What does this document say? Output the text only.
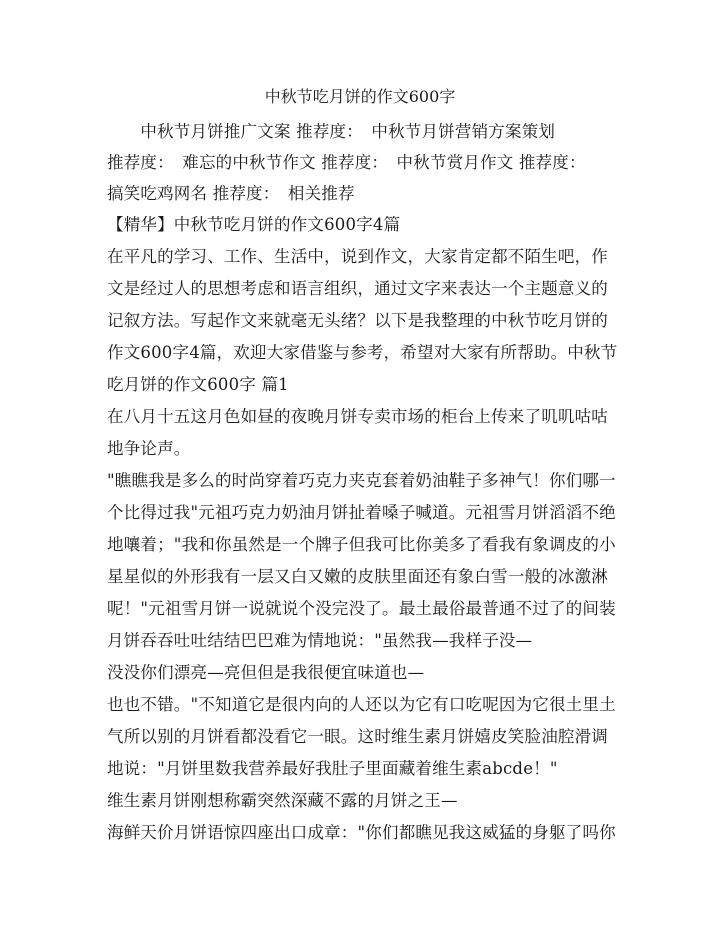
中秋节吃月饼的作文600字
　　中秋节月饼推广文案 推荐度：　中秋节月饼营销方案策划
推荐度：　难忘的中秋节作文 推荐度：　中秋节赏月作文 推荐度：
搞笑吃鸡网名 推荐度：　相关推荐
【精华】中秋节吃月饼的作文600字4篇
在平凡的学习、工作、生活中，说到作文，大家肯定都不陌生吧，作
文是经过人的思想考虑和语言组织，通过文字来表达一个主题意义的
记叙方法。写起作文来就毫无头绪？以下是我整理的中秋节吃月饼的
作文600字4篇，欢迎大家借鉴与参考，希望对大家有所帮助。中秋节
吃月饼的作文600字 篇1
在八月十五这月色如昼的夜晚月饼专卖市场的柜台上传来了叽叽咕咕
地争论声。
"瞧瞧我是多么的时尚穿着巧克力夹克套着奶油鞋子多神气！你们哪一
个比得过我"元祖巧克力奶油月饼扯着嗓子喊道。元祖雪月饼滔滔不绝
地嚷着；"我和你虽然是一个牌子但我可比你美多了看我有象调皮的小
星星似的外形我有一层又白又嫩的皮肤里面还有象白雪一般的冰激淋
呢！"元祖雪月饼一说就说个没完没了。最土最俗最普通不过了的间装
月饼吞吞吐吐结结巴巴难为情地说："虽然我—我样子没—
没没你们漂亮—亮但但是我很便宜味道也—
也也不错。"不知道它是很内向的人还以为它有口吃呢因为它很土里土
气所以别的月饼看都没看它一眼。这时维生素月饼嬉皮笑脸油腔滑调
地说："月饼里数我营养最好我肚子里面藏着维生素abcde！"
维生素月饼刚想称霸突然深藏不露的月饼之王—
海鲜天价月饼语惊四座出口成章："你们都瞧见我这威猛的身躯了吗你
